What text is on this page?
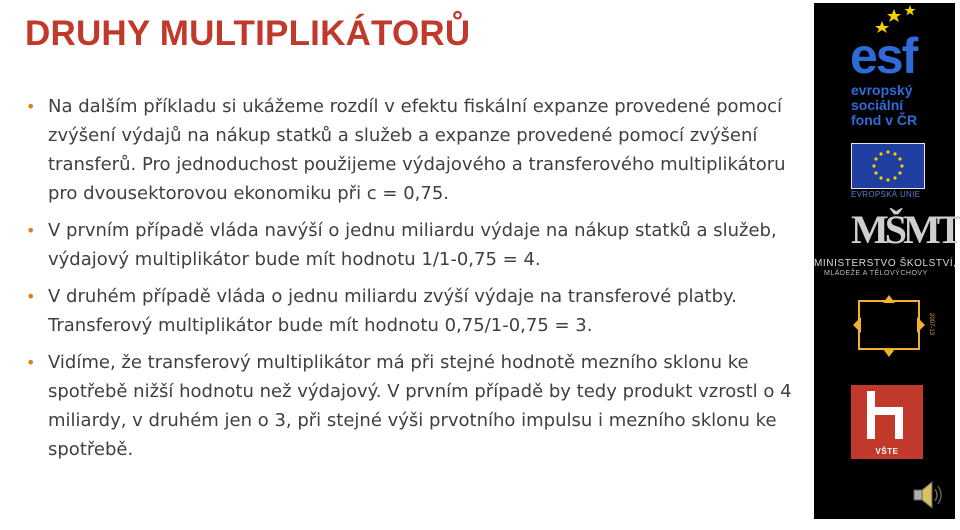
DRUHY MULTIPLIKÁTORŮ
• Na dalším příkladu si ukážeme rozdíl v efektu fiskální expanze provedené pomocí zvýšení výdajů na nákup statků a služeb a expanze provedené pomocí zvýšení transferů. Pro jednoduchost použijeme výdajového a transferového multiplikátoru pro dvousektorovou ekonomiku při c = 0,75.
• V prvním případě vláda navýší o jednu miliardu výdaje na nákup statků a služeb, výdajový multiplikátor bude mít hodnotu 1/1-0,75 = 4.
• V druhém případě vláda o jednu miliardu zvýší výdaje na transferové platby. Transferový multiplikátor bude mít hodnotu 0,75/1-0,75 = 3.
• Vidíme, že transferový multiplikátor má při stejné hodnotě mezního sklonu ke spotřebě nižší hodnotu než výdajový. V prvním případě by tedy produkt vzrostl o 4 miliardy, v druhém jen o 3, při stejné výši prvotního impulsu i mezního sklonu ke spotřebě.
esf
evropský
sociální
fond v ČR
EVROPSKÁ UNIE
MŠMT
MINISTERSTVO ŠKOLSTVÍ,
MLÁDEŽE A TĚLOVÝCHOVY
2007-13
VŠTE
